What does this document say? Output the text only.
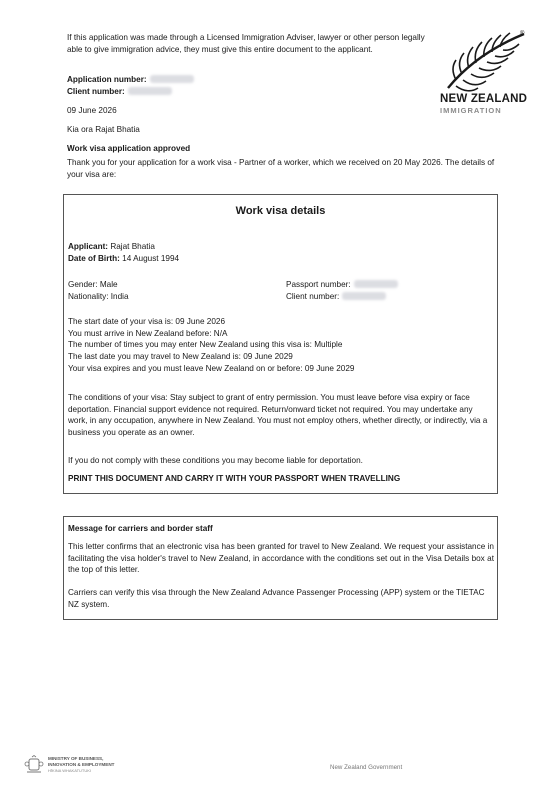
If this application was made through a Licensed Immigration Adviser, lawyer or other person legally able to give immigration advice, they must give this entire document to the applicant.

®
NEW ZEALAND
IMMIGRATION
Application number:
Client number:

09 June 2026

Kia ora Rajat Bhatia

Work visa application approved

Thank you for your application for a work visa - Partner of a worker, which we received on 20 May 2026. The details of your visa are:

Work visa details

Applicant: Rajat Bhatia

Date of Birth: 14 August 1994

Gender: Male

Nationality: India

Passport number:

Client number:

The start date of your visa is: 09 June 2026

You must arrive in New Zealand before: N/A

The number of times you may enter New Zealand using this visa is: Multiple

The last date you may travel to New Zealand is: 09 June 2029

Your visa expires and you must leave New Zealand on or before: 09 June 2029

The conditions of your visa: Stay subject to grant of entry permission. You must leave before visa expiry or face deportation. Financial support evidence not required. Return/onward ticket not required. You may undertake any work, in any occupation, anywhere in New Zealand. You must not employ others, whether directly, or indirectly, via a business you operate as an owner.

If you do not comply with these conditions you may become liable for deportation.

PRINT THIS DOCUMENT AND CARRY IT WITH YOUR PASSPORT WHEN TRAVELLING

Message for carriers and border staff

This letter confirms that an electronic visa has been granted for travel to New Zealand. We request your assistance in facilitating the visa holder's travel to New Zealand, in accordance with the conditions set out in the Visa Details box at the top of this letter.

Carriers can verify this visa through the New Zealand Advance Passenger Processing (APP) system or the TIETAC NZ system.

MINISTRY OF BUSINESS,
INNOVATION & EMPLOYMENT
HĪKINA WHAKATUTUKI	New Zealand Government
